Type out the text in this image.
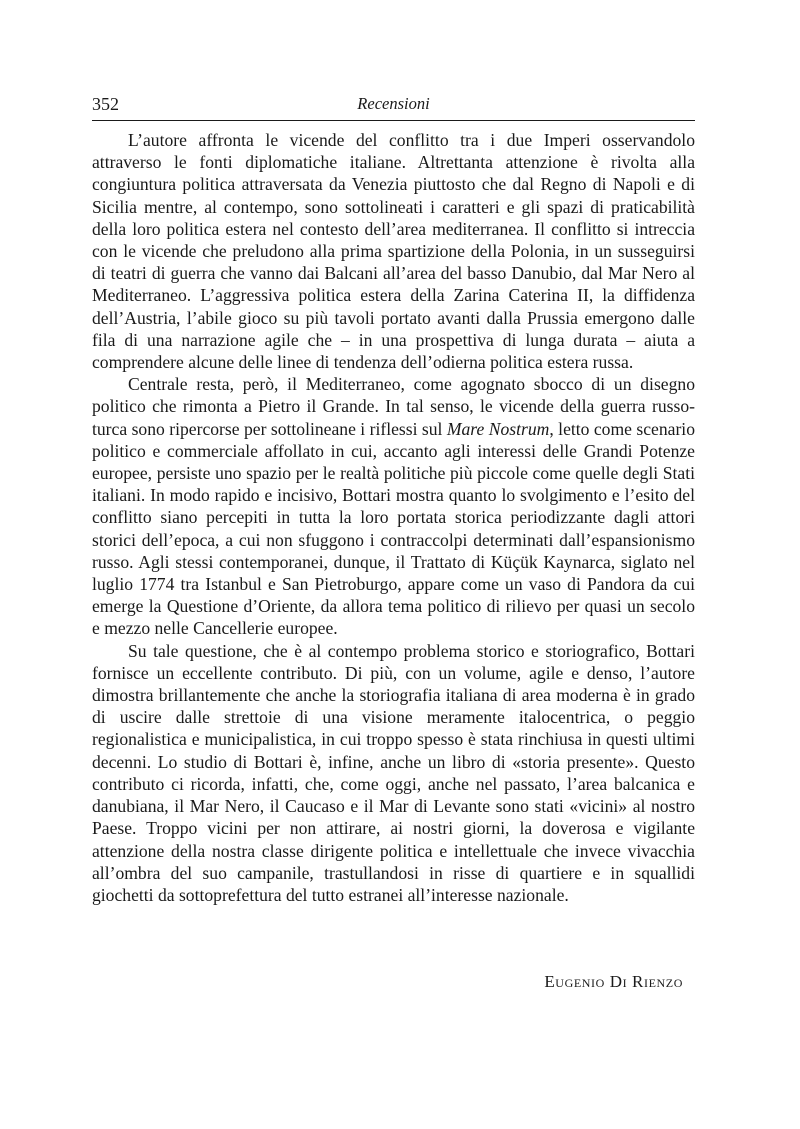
352	Recensioni

L’autore affronta le vicende del conflitto tra i due Imperi osservandolo attraverso le fonti diplomatiche italiane. Altrettanta attenzione è rivolta alla congiuntura politica attraversata da Venezia piuttosto che dal Regno di Napoli e di Sicilia mentre, al contempo, sono sottolineati i caratteri e gli spazi di praticabilità della loro politica estera nel contesto dell’area mediterranea. Il conflitto si intreccia con le vicende che preludono alla prima spartizione della Polonia, in un susseguirsi di teatri di guerra che vanno dai Balcani all’area del basso Danubio, dal Mar Nero al Mediterraneo. L’aggressiva politica estera della Zarina Caterina II, la diffidenza dell’Austria, l’abile gioco su più tavoli portato avanti dalla Prussia emergono dalle fila di una narrazione agile che – in una prospettiva di lunga durata – aiuta a comprendere alcune delle linee di tendenza dell’odierna politica estera russa.

Centrale resta, però, il Mediterraneo, come agognato sbocco di un disegno politico che rimonta a Pietro il Grande. In tal senso, le vicende della guerra russo-turca sono ripercorse per sottolineane i riflessi sul Mare Nostrum, letto come scenario politico e commerciale affollato in cui, accanto agli interessi delle Grandi Potenze europee, persiste uno spazio per le realtà politiche più piccole come quelle degli Stati italiani. In modo rapido e incisivo, Bottari mostra quanto lo svolgimento e l’esito del conflitto siano percepiti in tutta la loro portata storica periodizzante dagli attori storici dell’epoca, a cui non sfuggono i contraccolpi determinati dall’espansionismo russo. Agli stessi contemporanei, dunque, il Trattato di Küçük Kaynarca, siglato nel luglio 1774 tra Istanbul e San Pietroburgo, appare come un vaso di Pandora da cui emerge la Questione d’Oriente, da allora tema politico di rilievo per quasi un secolo e mezzo nelle Cancellerie europee.

Su tale questione, che è al contempo problema storico e storiografico, Bottari fornisce un eccellente contributo. Di più, con un volume, agile e denso, l’autore dimostra brillantemente che anche la storiografia italiana di area moderna è in grado di uscire dalle strettoie di una visione meramente italocentrica, o peggio regionalistica e municipalistica, in cui troppo spesso è stata rinchiusa in questi ultimi decenni. Lo studio di Bottari è, infine, anche un libro di «storia presente». Questo contributo ci ricorda, infatti, che, come oggi, anche nel passato, l’area balcanica e danubiana, il Mar Nero, il Caucaso e il Mar di Levante sono stati «vicini» al nostro Paese. Troppo vicini per non attirare, ai nostri giorni, la doverosa e vigilante attenzione della nostra classe dirigente politica e intellettuale che invece vivacchia all’ombra del suo campanile, trastullandosi in risse di quartiere e in squallidi giochetti da sottoprefettura del tutto estranei all’interesse nazionale.

Eugenio Di Rienzo
